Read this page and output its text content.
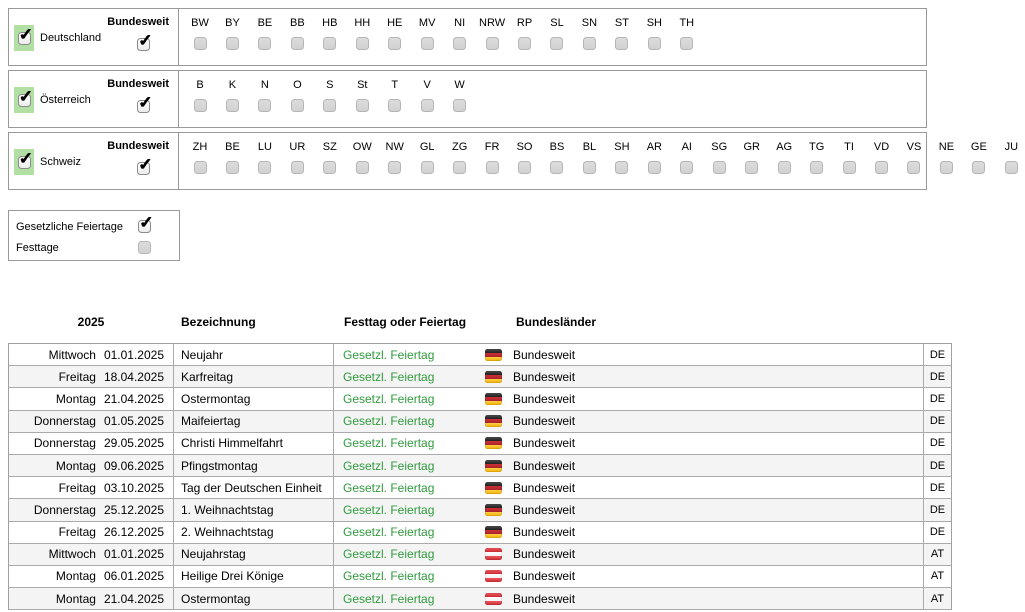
Bundesweit
✓
✓
Deutschland
BW
	BY
	BE
	BB
	HB
	HH
	HE
	MV
	NI
	NRW
	RP
	SL
	SN
	ST
	SH
	TH
Bundesweit
✓
✓
Österreich
B
	K
	N
	O
	S
	St
	T
	V
	W
Bundesweit
✓
✓
Schweiz
ZH
	BE
	LU
	UR
	SZ
	OW
	NW
	GL
	ZG
	FR
	SO
	BS
	BL
	SH
	AR
	AI
	SG
	GR
	AG
	TG
	TI
	VD
	VS
	NE
	GE
	JU
Gesetzliche Feiertage
✓
Festtage
2025	Bezeichnung	Festtag oder Feiertag	Bundesländer
Mittwoch 01.01.2025	Neujahr	Gesetzl. Feiertag	Bundesweit	DE
Freitag 18.04.2025	Karfreitag	Gesetzl. Feiertag	Bundesweit	DE
Montag 21.04.2025	Ostermontag	Gesetzl. Feiertag	Bundesweit	DE
Donnerstag 01.05.2025	Maifeiertag	Gesetzl. Feiertag	Bundesweit	DE
Donnerstag 29.05.2025	Christi Himmelfahrt	Gesetzl. Feiertag	Bundesweit	DE
Montag 09.06.2025	Pfingstmontag	Gesetzl. Feiertag	Bundesweit	DE
Freitag 03.10.2025	Tag der Deutschen Einheit	Gesetzl. Feiertag	Bundesweit	DE
Donnerstag 25.12.2025	1. Weihnachtstag	Gesetzl. Feiertag	Bundesweit	DE
Freitag 26.12.2025	2. Weihnachtstag	Gesetzl. Feiertag	Bundesweit	DE
Mittwoch 01.01.2025	Neujahrstag	Gesetzl. Feiertag	Bundesweit	AT
Montag 06.01.2025	Heilige Drei Könige	Gesetzl. Feiertag	Bundesweit	AT
Montag 21.04.2025	Ostermontag	Gesetzl. Feiertag	Bundesweit	AT
